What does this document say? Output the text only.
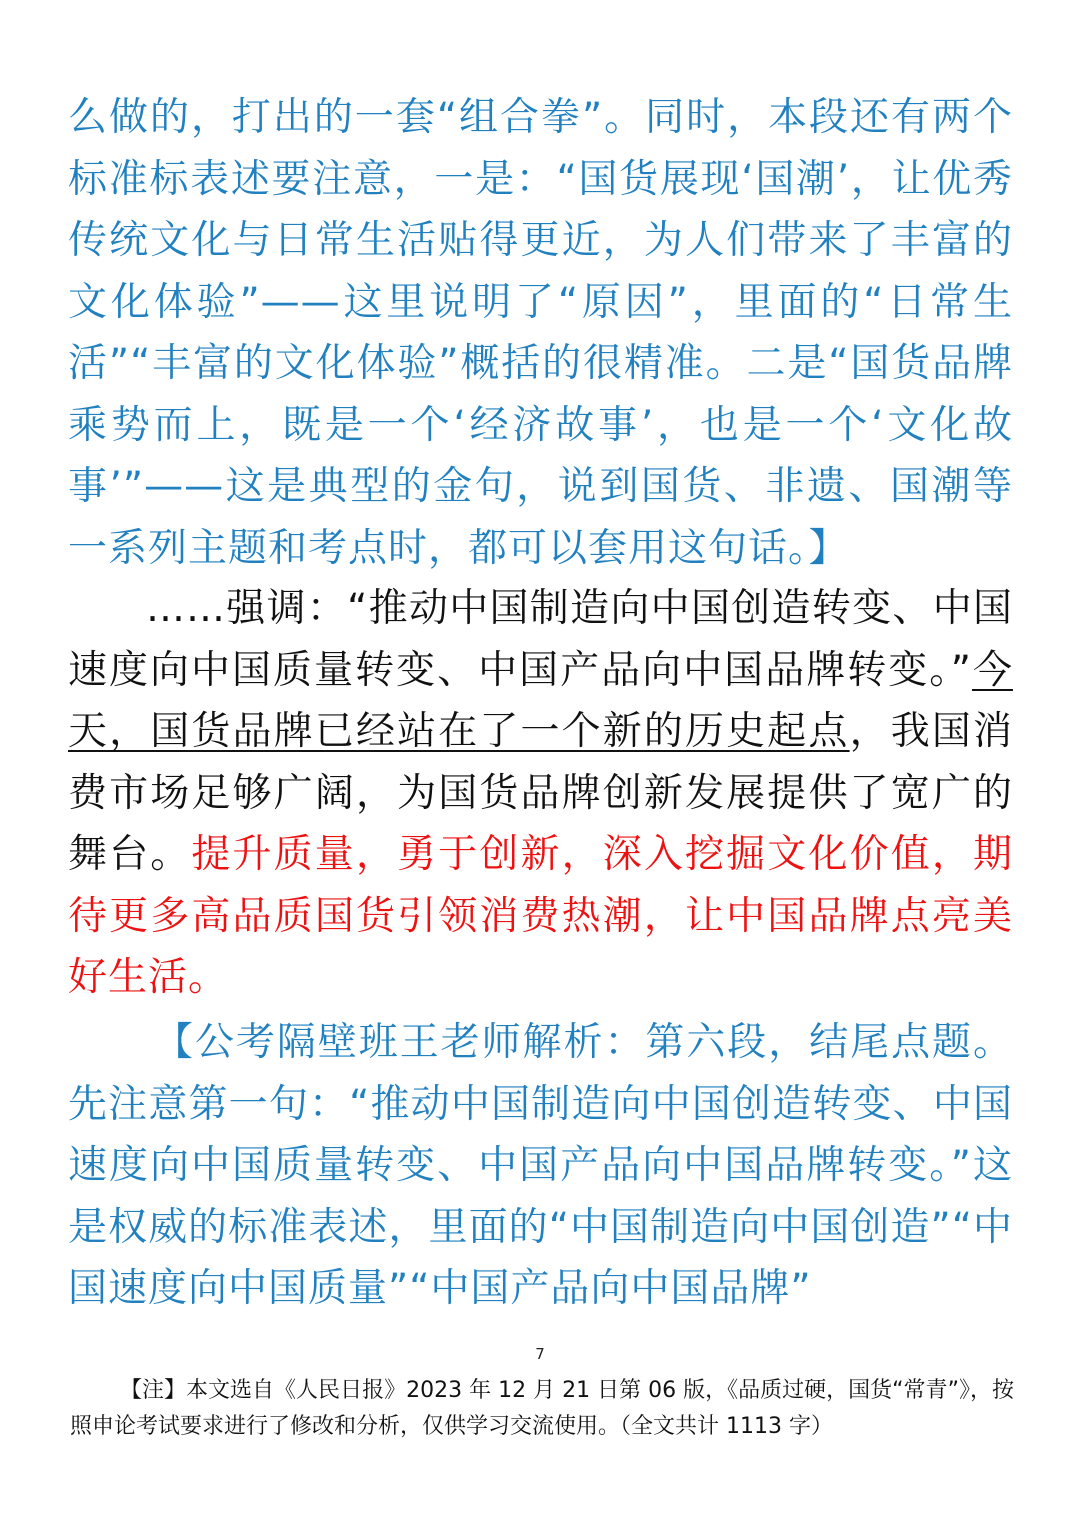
么做的，打出的一套“组合拳”。同时，本段还有两个标准标表述要注意，一是：“国货展现‘国潮’，让优秀传统文化与日常生活贴得更近，为人们带来了丰富的文化体验”——这里说明了“原因”，里面的“日常生活”“丰富的文化体验”概括的很精准。二是“国货品牌乘势而上，既是一个‘经济故事’，也是一个‘文化故事’”——这是典型的金句，说到国货、非遗、国潮等一系列主题和考点时，都可以套用这句话。】

……强调：“推动中国制造向中国创造转变、中国速度向中国质量转变、中国产品向中国品牌转变。”今天，国货品牌已经站在了一个新的历史起点，我国消费市场足够广阔，为国货品牌创新发展提供了宽广的舞台。提升质量，勇于创新，深入挖掘文化价值，期待更多高品质国货引领消费热潮，让中国品牌点亮美好生活。

【公考隔壁班王老师解析：第六段，结尾点题。先注意第一句：“推动中国制造向中国创造转变、中国速度向中国质量转变、中国产品向中国品牌转变。”这是权威的标准表述，里面的“中国制造向中国创造”“中国速度向中国质量”“中国产品向中国品牌”

7

【注】本文选自《人民日报》2023 年 12 月 21 日第 06 版，《品质过硬，国货“常青”》，按照申论考试要求进行了修改和分析，仅供学习交流使用。（全文共计 1113 字）
